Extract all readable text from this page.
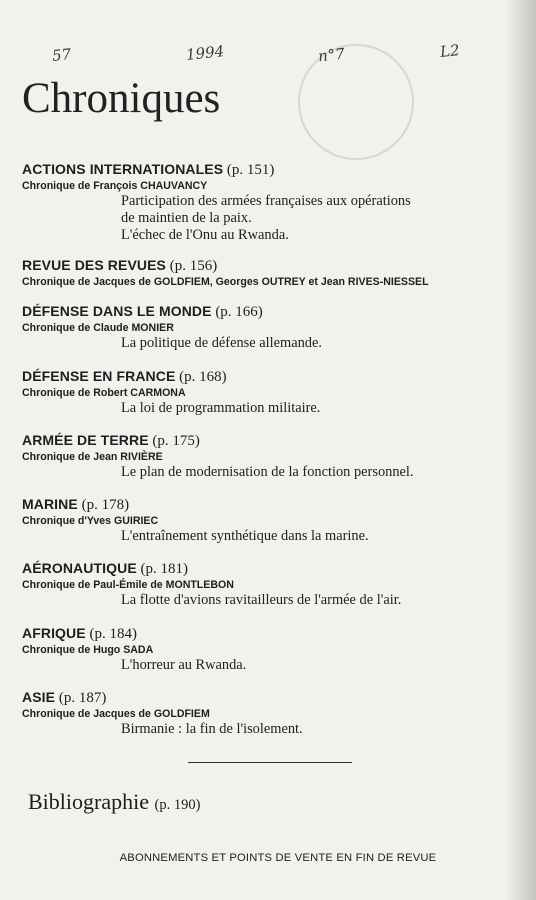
57	1994	n°7	L2
Chroniques
ACTIONS INTERNATIONALES (p. 151)
Chronique de François CHAUVANCY
Participation des armées françaises aux opérations
de maintien de la paix.
L'échec de l'Onu au Rwanda.
REVUE DES REVUES (p. 156)
Chronique de Jacques de GOLDFIEM, Georges OUTREY et Jean RIVES-NIESSEL
DÉFENSE DANS LE MONDE (p. 166)
Chronique de Claude MONIER
La politique de défense allemande.
DÉFENSE EN FRANCE (p. 168)
Chronique de Robert CARMONA
La loi de programmation militaire.
ARMÉE DE TERRE (p. 175)
Chronique de Jean RIVIÈRE
Le plan de modernisation de la fonction personnel.
MARINE (p. 178)
Chronique d'Yves GUIRIEC
L'entraînement synthétique dans la marine.
AÉRONAUTIQUE (p. 181)
Chronique de Paul-Émile de MONTLEBON
La flotte d'avions ravitailleurs de l'armée de l'air.
AFRIQUE (p. 184)
Chronique de Hugo SADA
L'horreur au Rwanda.
ASIE (p. 187)
Chronique de Jacques de GOLDFIEM
Birmanie : la fin de l'isolement.
Bibliographie (p. 190)
ABONNEMENTS ET POINTS DE VENTE EN FIN DE REVUE
